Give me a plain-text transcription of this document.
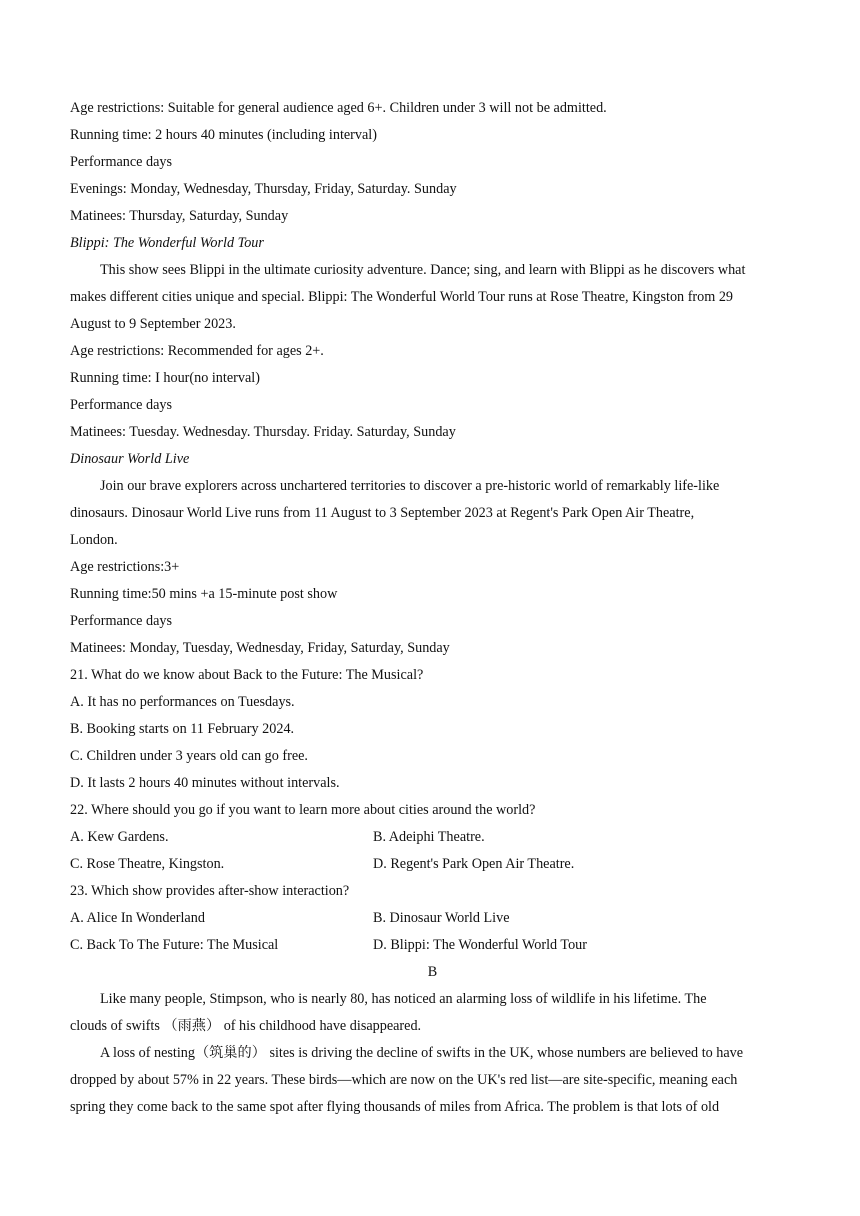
Age restrictions: Suitable for general audience aged 6+. Children under 3 will not be admitted.
Running time: 2 hours 40 minutes (including interval)
Performance days
Evenings: Monday, Wednesday, Thursday, Friday, Saturday. Sunday
Matinees: Thursday, Saturday, Sunday
Blippi: The Wonderful World Tour
This show sees Blippi in the ultimate curiosity adventure. Dance; sing, and learn with Blippi as he discovers what
makes different cities unique and special. Blippi: The Wonderful World Tour runs at Rose Theatre, Kingston from 29
August to 9 September 2023.
Age restrictions: Recommended for ages 2+.
Running time: I hour(no interval)
Performance days
Matinees: Tuesday. Wednesday. Thursday. Friday. Saturday, Sunday
Dinosaur World Live
Join our brave explorers across unchartered territories to discover a pre-historic world of remarkably life-like
dinosaurs. Dinosaur World Live runs from 11 August to 3 September 2023 at Regent's Park Open Air Theatre,
London.
Age restrictions:3+
Running time:50 mins +a 15-minute post show
Performance days
Matinees: Monday, Tuesday, Wednesday, Friday, Saturday, Sunday
21. What do we know about Back to the Future: The Musical?
A. It has no performances on Tuesdays.
B. Booking starts on 11 February 2024.
C. Children under 3 years old can go free.
D. It lasts 2 hours 40 minutes without intervals.
22. Where should you go if you want to learn more about cities around the world?
A. Kew Gardens.	B. Adeiphi Theatre.
C. Rose Theatre, Kingston.	D. Regent's Park Open Air Theatre.
23. Which show provides after-show interaction?
A. Alice In Wonderland	B. Dinosaur World Live
C. Back To The Future: The Musical	D. Blippi: The Wonderful World Tour
B
Like many people, Stimpson, who is nearly 80, has noticed an alarming loss of wildlife in his lifetime. The
clouds of swifts （雨燕） of his childhood have disappeared.
A loss of nesting（筑巢的） sites is driving the decline of swifts in the UK, whose numbers are believed to have
dropped by about 57% in 22 years. These birds—which are now on the UK's red list—are site-specific, meaning each
spring they come back to the same spot after flying thousands of miles from Africa. The problem is that lots of old
